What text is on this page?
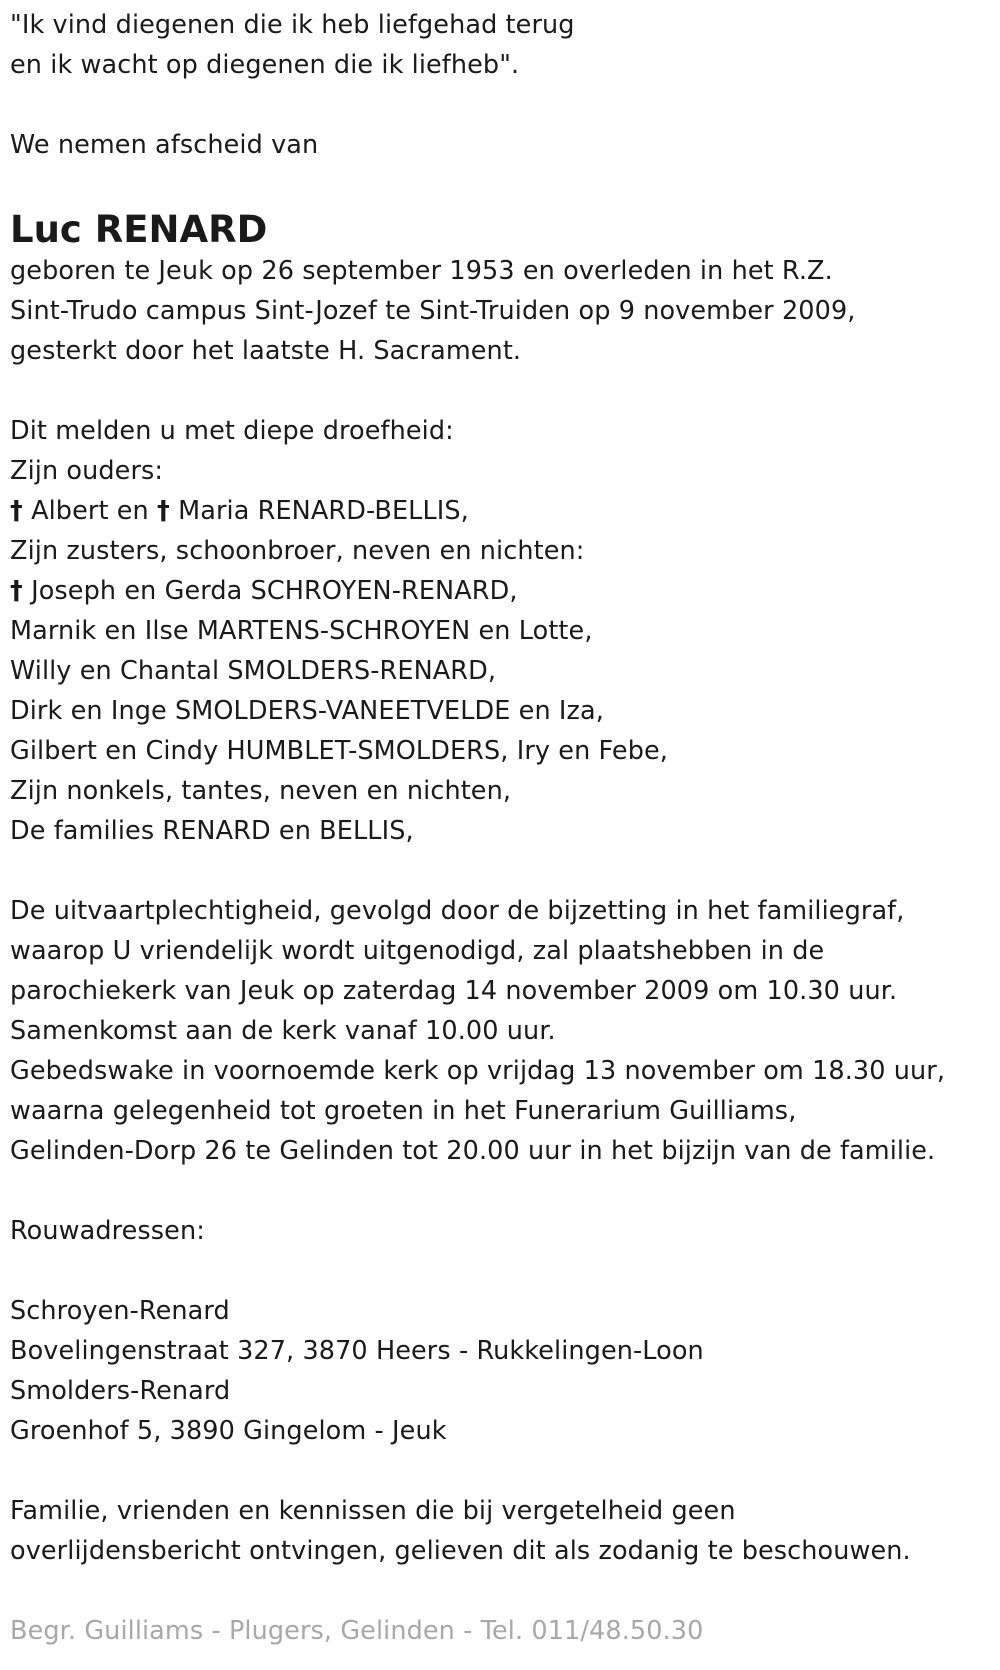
"Ik vind diegenen die ik heb liefgehad terug
en ik wacht op diegenen die ik liefheb".
We nemen afscheid van
Luc RENARD
geboren te Jeuk op 26 september 1953 en overleden in het R.Z.
Sint-Trudo campus Sint-Jozef te Sint-Truiden op 9 november 2009,
gesterkt door het laatste H. Sacrament.
Dit melden u met diepe droefheid:
Zijn ouders:
† Albert en † Maria RENARD-BELLIS,
Zijn zusters, schoonbroer, neven en nichten:
† Joseph en Gerda SCHROYEN-RENARD,
Marnik en Ilse MARTENS-SCHROYEN en Lotte,
Willy en Chantal SMOLDERS-RENARD,
Dirk en Inge SMOLDERS-VANEETVELDE en Iza,
Gilbert en Cindy HUMBLET-SMOLDERS, Iry en Febe,
Zijn nonkels, tantes, neven en nichten,
De families RENARD en BELLIS,
De uitvaartplechtigheid, gevolgd door de bijzetting in het familiegraf,
waarop U vriendelijk wordt uitgenodigd, zal plaatshebben in de
parochiekerk van Jeuk op zaterdag 14 november 2009 om 10.30 uur.
Samenkomst aan de kerk vanaf 10.00 uur.
Gebedswake in voornoemde kerk op vrijdag 13 november om 18.30 uur,
waarna gelegenheid tot groeten in het Funerarium Guilliams,
Gelinden-Dorp 26 te Gelinden tot 20.00 uur in het bijzijn van de familie.
Rouwadressen:
Schroyen-Renard
Bovelingenstraat 327, 3870 Heers - Rukkelingen-Loon
Smolders-Renard
Groenhof 5, 3890 Gingelom - Jeuk
Familie, vrienden en kennissen die bij vergetelheid geen
overlijdensbericht ontvingen, gelieven dit als zodanig te beschouwen.
Begr. Guilliams - Plugers, Gelinden - Tel. 011/48.50.30
